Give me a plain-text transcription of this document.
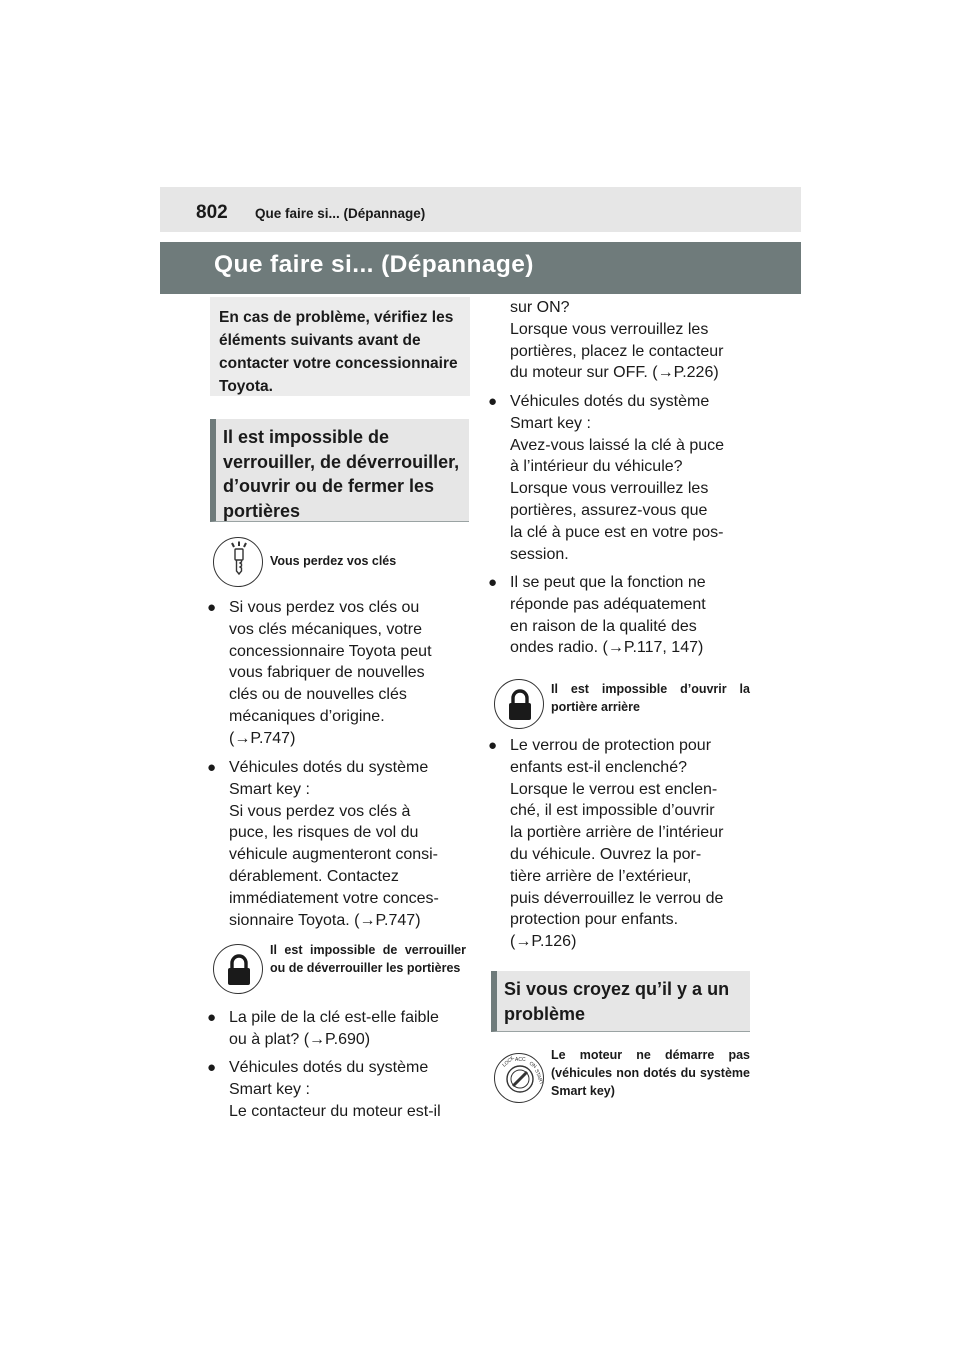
802 Que faire si... (Dépannage)
Que faire si... (Dépannage)
En cas de problème, vérifiez les éléments suivants avant de contacter votre concessionnaire Toyota.
Il est impossible de verrouiller, de déverrouiller, d’ouvrir ou de fermer les portières
Vous perdez vos clés
● Si vous perdez vos clés ou
vos clés mécaniques, votre
concessionnaire Toyota peut
vous fabriquer de nouvelles
clés ou de nouvelles clés
mécaniques d’origine.
(→P.747)
● Véhicules dotés du système
Smart key :
Si vous perdez vos clés à
puce, les risques de vol du
véhicule augmenteront consi-
dérablement. Contactez
immédiatement votre conces-
sionnaire Toyota. (→P.747)
Il est impossible de verrouiller ou de déverrouiller les portières
● La pile de la clé est-elle faible
ou à plat? (→P.690)
● Véhicules dotés du système
Smart key :
Le contacteur du moteur est-il
sur ON?
Lorsque vous verrouillez les
portières, placez le contacteur
du moteur sur OFF. (→P.226)
● Véhicules dotés du système
Smart key :
Avez-vous laissé la clé à puce
à l’intérieur du véhicule?
Lorsque vous verrouillez les
portières, assurez-vous que
la clé à puce est en votre pos-
session.
● Il se peut que la fonction ne
réponde pas adéquatement
en raison de la qualité des
ondes radio. (→P.117, 147)
Il est impossible d’ouvrir la portière arrière
● Le verrou de protection pour
enfants est-il enclenché?
Lorsque le verrou est enclen-
ché, il est impossible d’ouvrir
la portière arrière de l’intérieur
du véhicule. Ouvrez la por-
tière arrière de l’extérieur,
puis déverrouillez le verrou de
protection pour enfants.
(→P.126)
Si vous croyez qu’il y a un problème
LOCK ACC
ON
START
Le moteur ne démarre pas (véhicules non dotés du système Smart key)
